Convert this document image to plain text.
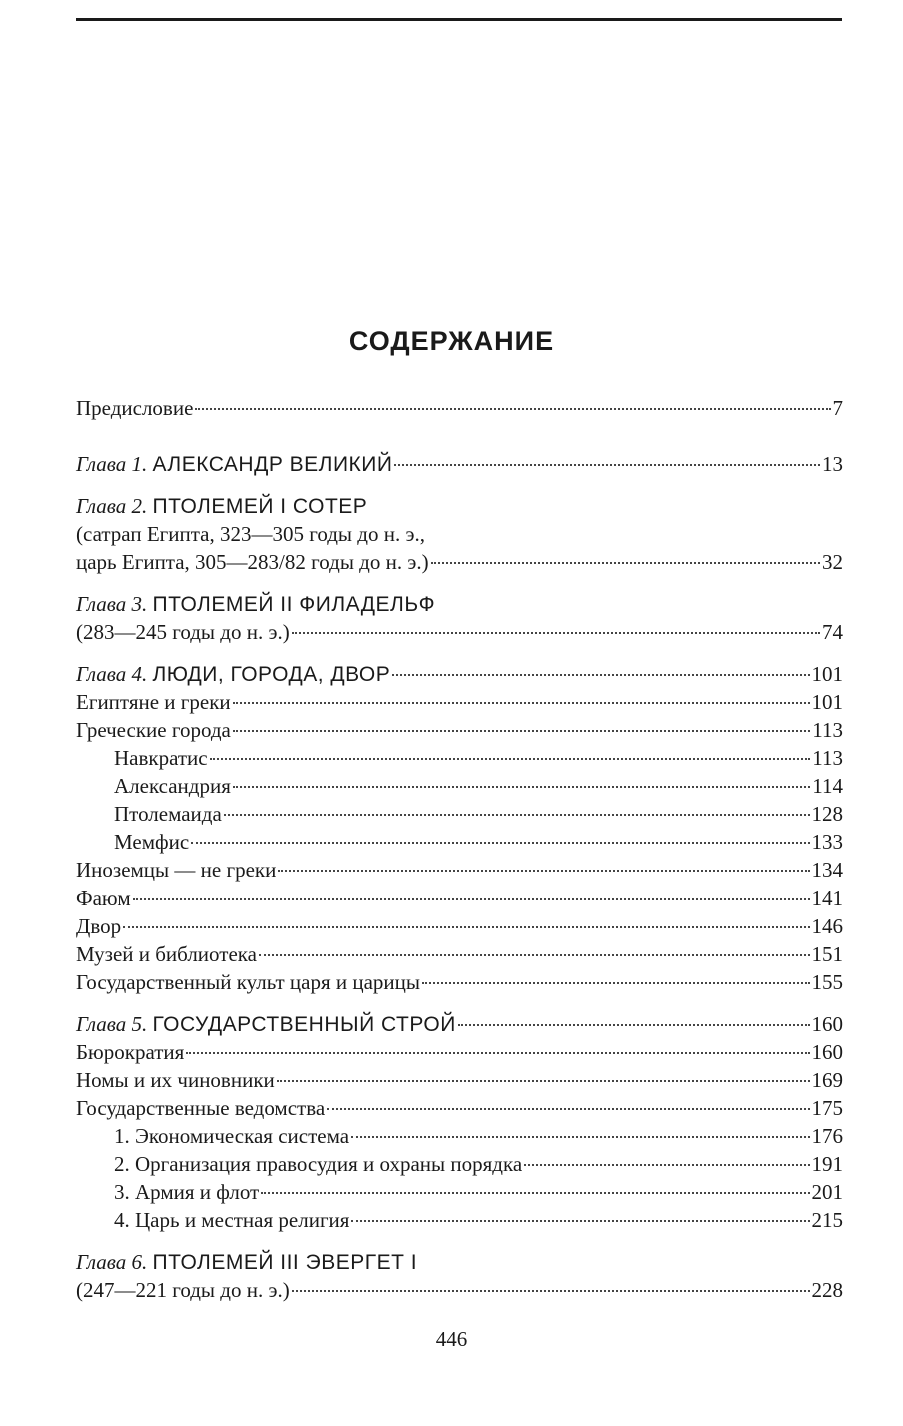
СОДЕРЖАНИЕ
Предисловие	7
Глава 1. АЛЕКСАНДР ВЕЛИКИЙ	13
Глава 2. ПТОЛЕМЕЙ I СОТЕР
(сатрап Египта, 323—305 годы до н. э.,
царь Египта, 305—283/82 годы до н. э.)	32
Глава 3. ПТОЛЕМЕЙ II ФИЛАДЕЛЬФ
(283—245 годы до н. э.)	74
Глава 4. ЛЮДИ, ГОРОДА, ДВОР	101
Египтяне и греки	101
Греческие города	113
Навкратис	113
Александрия	114
Птолемаида	128
Мемфис	133
Иноземцы — не греки	134
Фаюм	141
Двор	146
Музей и библиотека	151
Государственный культ царя и царицы	155
Глава 5. ГОСУДАРСТВЕННЫЙ СТРОЙ	160
Бюрократия	160
Номы и их чиновники	169
Государственные ведомства	175
1. Экономическая система	176
2. Организация правосудия и охраны порядка	191
3. Армия и флот	201
4. Царь и местная религия	215
Глава 6. ПТОЛЕМЕЙ III ЭВЕРГЕТ I
(247—221 годы до н. э.)	228
446
